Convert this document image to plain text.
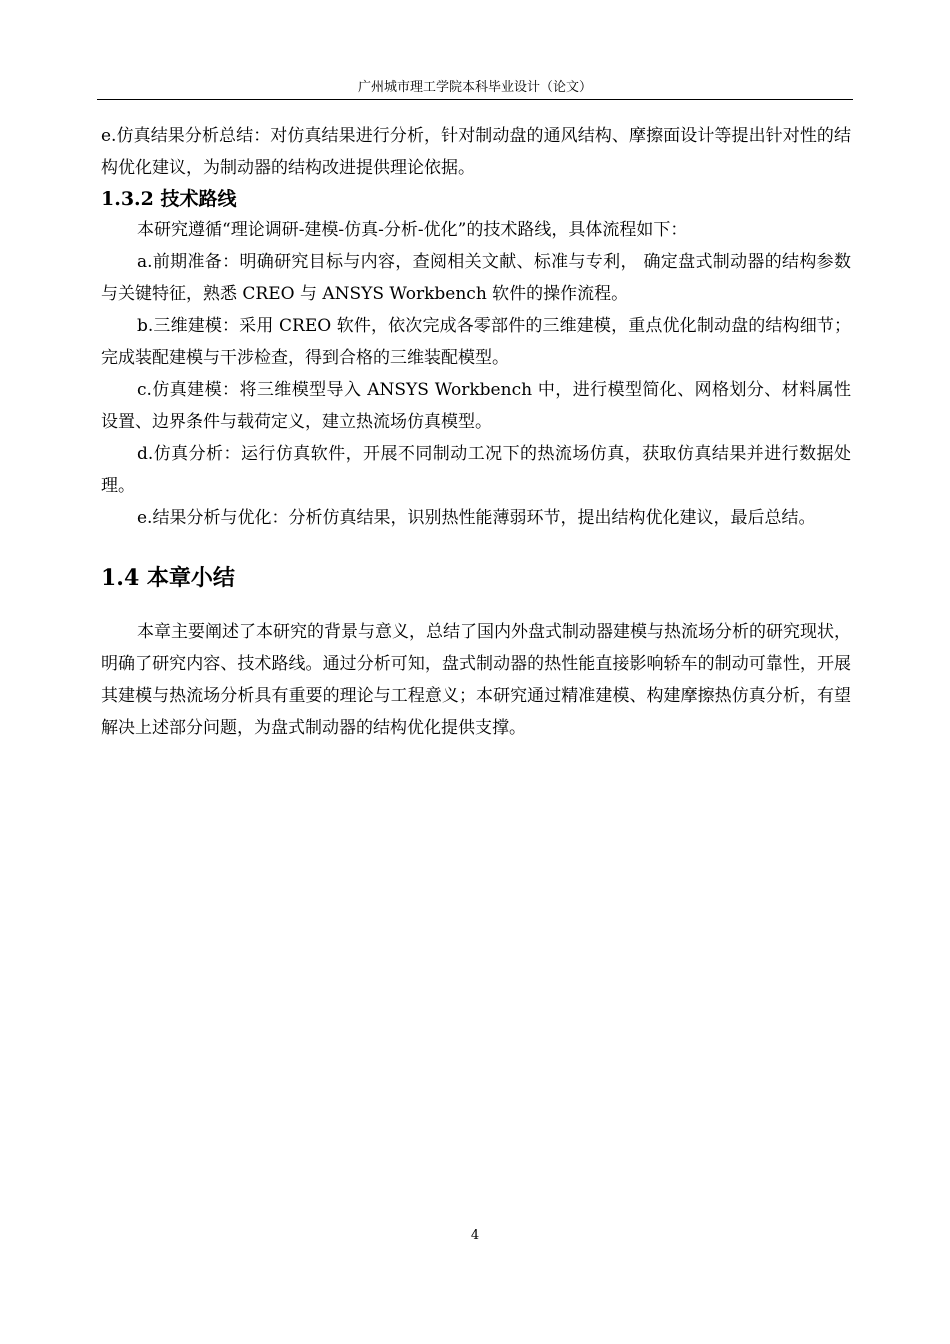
广州城市理工学院本科毕业设计（论文）

e.仿真结果分析总结：对仿真结果进行分析，针对制动盘的通风结构、摩擦面设计等提出针对性的结构优化建议，为制动器的结构改进提供理论依据。

1.3.2 技术路线

本研究遵循“理论调研-建模-仿真-分析-优化”的技术路线，具体流程如下：

a.前期准备：明确研究目标与内容，查阅相关文献、标准与专利， 确定盘式制动器的结构参数与关键特征，熟悉 CREO 与 ANSYS Workbench 软件的操作流程。

b.三维建模：采用 CREO 软件，依次完成各零部件的三维建模，重点优化制动盘的结构细节；完成装配建模与干涉检查，得到合格的三维装配模型。

c.仿真建模：将三维模型导入 ANSYS Workbench 中，进行模型简化、网格划分、材料属性设置、边界条件与载荷定义，建立热流场仿真模型。

d.仿真分析：运行仿真软件，开展不同制动工况下的热流场仿真，获取仿真结果并进行数据处理。

e.结果分析与优化：分析仿真结果，识别热性能薄弱环节，提出结构优化建议，最后总结。

1.4 本章小结

本章主要阐述了本研究的背景与意义，总结了国内外盘式制动器建模与热流场分析的研究现状，明确了研究内容、技术路线。通过分析可知，盘式制动器的热性能直接影响轿车的制动可靠性，开展其建模与热流场分析具有重要的理论与工程意义；本研究通过精准建模、构建摩擦热仿真分析，有望解决上述部分问题，为盘式制动器的结构优化提供支撑。

4
